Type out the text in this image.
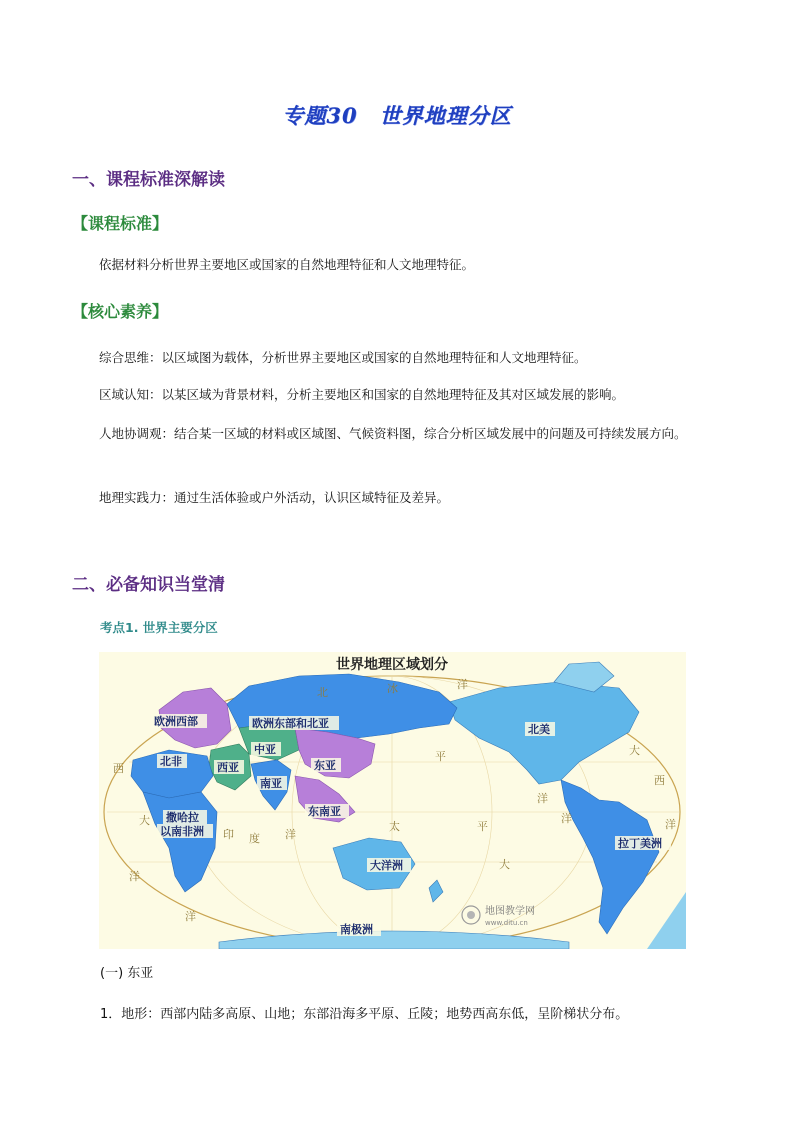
专题30 世界地理分区
一、课程标准深解读
【课程标准】
依据材料分析世界主要地区或国家的自然地理特征和人文地理特征。
【核心素养】
综合思维：以区域图为载体，分析世界主要地区或国家的自然地理特征和人文地理特征。
区域认知：以某区域为背景材料，分析主要地区和国家的自然地理特征及其对区域发展的影响。
人地协调观：结合某一区域的材料或区域图、气候资料图，综合分析区域发展中的问题及可持续发展方向。
地理实践力：通过生活体验或户外活动，认识区域特征及差异。
二、必备知识当堂清
考点1. 世界主要分区
世界地理区域划分
北	冰	洋
大
西
洋
太	平
洋
印 度 洋
洋
大
平
洋
大
西
洋
欧洲西部	欧洲东部和北亚
中亚
北非	西亚
南亚
东亚
东南亚
撒哈拉
以南非洲
大洋洲
南极洲
北美
拉丁美洲
地图教学网
www.ditu.cn
(一) 东亚
1．地形：西部内陆多高原、山地；东部沿海多平原、丘陵；地势西高东低，呈阶梯状分布。
